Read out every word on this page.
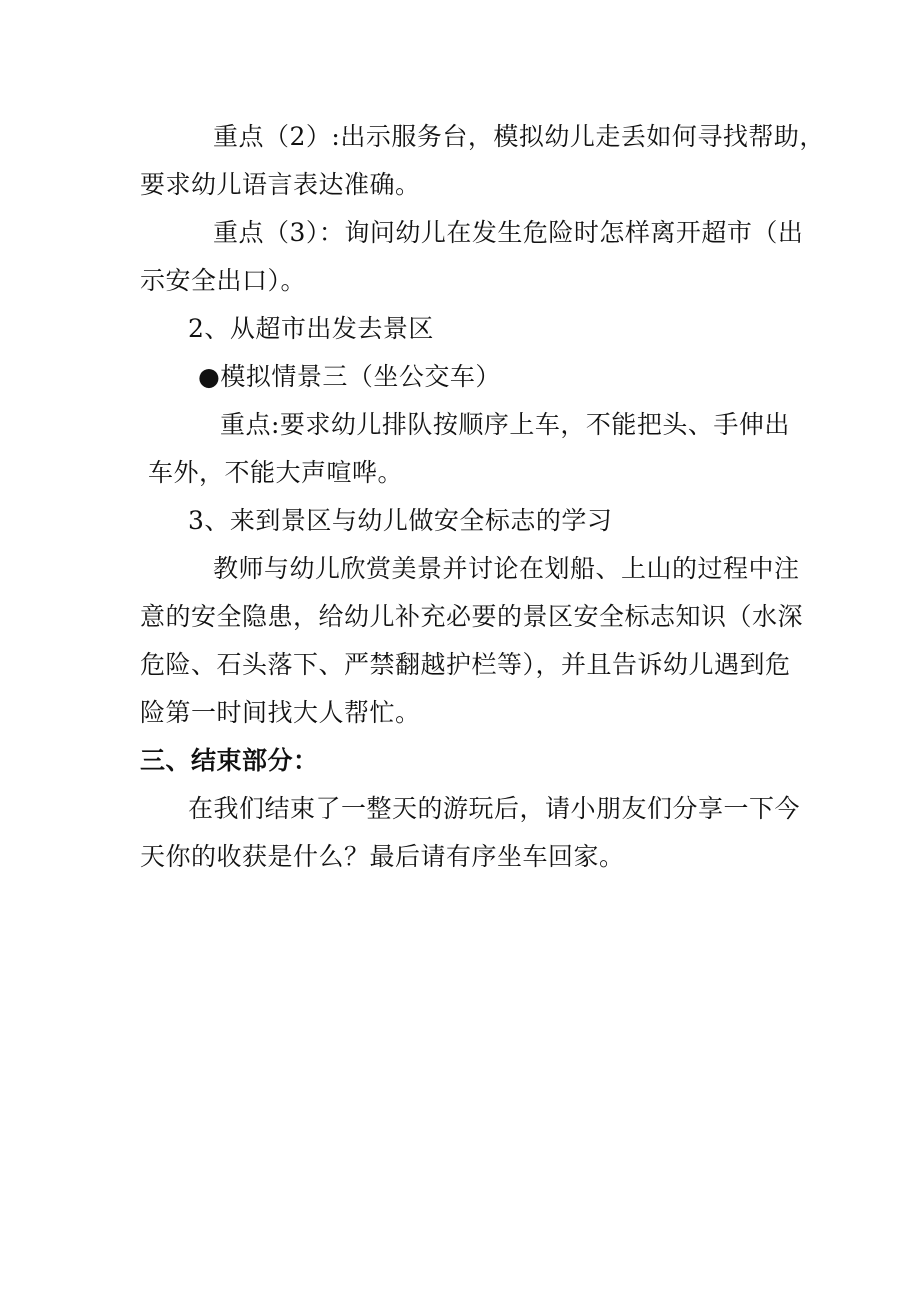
重点（2）:出示服务台，模拟幼儿走丢如何寻找帮助，
要求幼儿语言表达准确。
重点（3）：询问幼儿在发生危险时怎样离开超市（出
示安全出口）。
2、从超市出发去景区
●模拟情景三（坐公交车）
重点:要求幼儿排队按顺序上车，不能把头、手伸出
车外，不能大声喧哗。
3、来到景区与幼儿做安全标志的学习
教师与幼儿欣赏美景并讨论在划船、上山的过程中注
意的安全隐患，给幼儿补充必要的景区安全标志知识（水深
危险、石头落下、严禁翻越护栏等），并且告诉幼儿遇到危
险第一时间找大人帮忙。
三、结束部分：
在我们结束了一整天的游玩后，请小朋友们分享一下今
天你的收获是什么？最后请有序坐车回家。
